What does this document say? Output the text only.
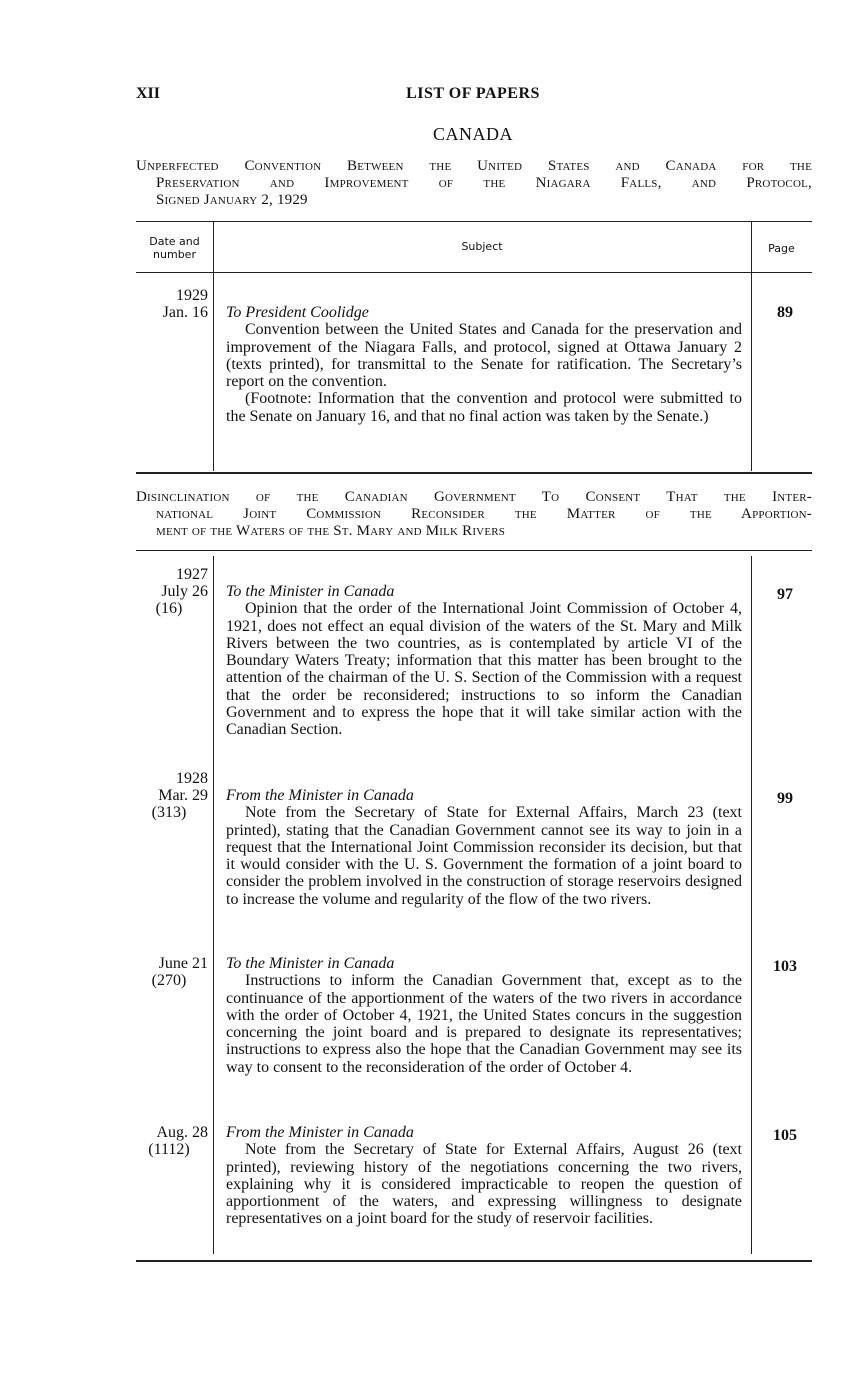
XII	LIST OF PAPERS
CANADA
Unperfected Convention Between the United States and Canada for the
Preservation and Improvement of the Niagara Falls, and Protocol,
Signed January 2, 1929
Date and number
Subject	Page
1929
Jan. 16 To President Coolidge
Convention between the United States and Canada for the preservation and improvement of the Niagara Falls, and protocol, signed at Ottawa January 2 (texts printed), for transmittal to the Senate for ratification. The Secretary’s report on the convention.
(Footnote: Information that the convention and protocol were submitted to the Senate on January 16, and that no final action was taken by the Senate.)
89
Disinclination of the Canadian Government To Consent That the Inter-
national Joint Commission Reconsider the Matter of the Apportion-
ment of the Waters of the St. Mary and Milk Rivers
1927
July 26
(16)
To the Minister in Canada
Opinion that the order of the International Joint Commission of October 4, 1921, does not effect an equal division of the waters of the St. Mary and Milk Rivers between the two countries, as is contemplated by article VI of the Boundary Waters Treaty; information that this matter has been brought to the attention of the chairman of the U. S. Section of the Commission with a request that the order be reconsidered; instructions to so inform the Canadian Government and to express the hope that it will take similar action with the Canadian Section.
97
1928
Mar. 29
(313)
From the Minister in Canada
Note from the Secretary of State for External Affairs, March 23 (text printed), stating that the Canadian Government cannot see its way to join in a request that the International Joint Commission reconsider its decision, but that it would consider with the U. S. Government the formation of a joint board to consider the problem involved in the construction of storage reservoirs designed to increase the volume and regularity of the flow of the two rivers.
99
June 21
(270)
To the Minister in Canada
Instructions to inform the Canadian Government that, except as to the continuance of the apportionment of the waters of the two rivers in accordance with the order of October 4, 1921, the United States concurs in the suggestion concerning the joint board and is prepared to designate its representatives; instructions to express also the hope that the Canadian Government may see its way to consent to the reconsideration of the order of October 4.
103
Aug. 28
(1112)
From the Minister in Canada
Note from the Secretary of State for External Affairs, August 26 (text printed), reviewing history of the negotiations concerning the two rivers, explaining why it is considered impracticable to reopen the question of apportionment of the waters, and expressing willingness to designate representatives on a joint board for the study of reservoir facilities.
105
